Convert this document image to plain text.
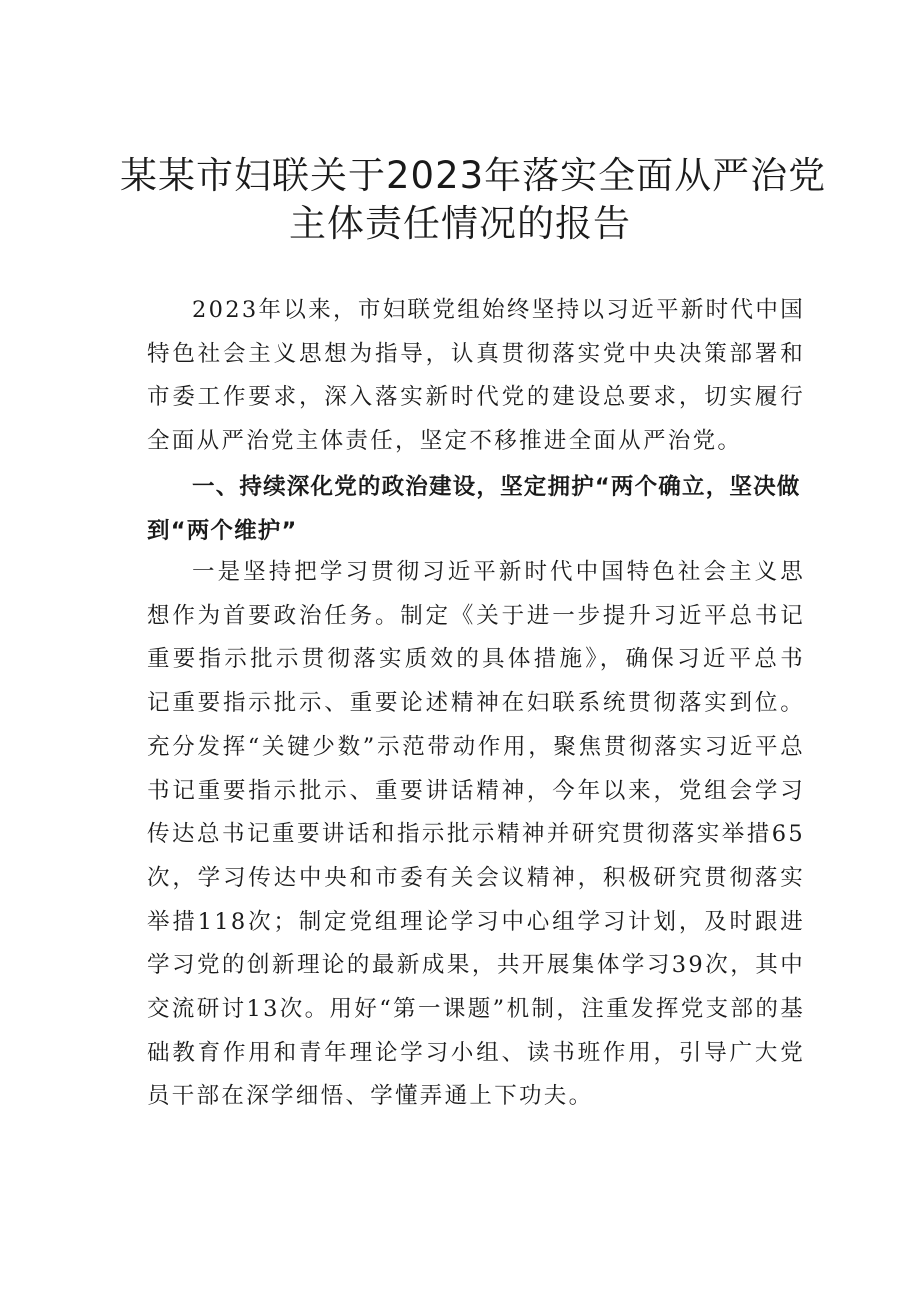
某某市妇联关于2023年落实全面从严治党
主体责任情况的报告

2023年以来，市妇联党组始终坚持以习近平新时代中国特色社会主义思想为指导，认真贯彻落实党中央决策部署和市委工作要求，深入落实新时代党的建设总要求，切实履行全面从严治党主体责任，坚定不移推进全面从严治党。

一、持续深化党的政治建设，坚定拥护“两个确立，坚决做到“两个维护”

一是坚持把学习贯彻习近平新时代中国特色社会主义思想作为首要政治任务。制定《关于进一步提升习近平总书记重要指示批示贯彻落实质效的具体措施》，确保习近平总书记重要指示批示、重要论述精神在妇联系统贯彻落实到位。充分发挥“关键少数”示范带动作用，聚焦贯彻落实习近平总书记重要指示批示、重要讲话精神，今年以来，党组会学习传达总书记重要讲话和指示批示精神并研究贯彻落实举措65次，学习传达中央和市委有关会议精神，积极研究贯彻落实举措118次；制定党组理论学习中心组学习计划，及时跟进学习党的创新理论的最新成果，共开展集体学习39次，其中交流研讨13次。用好“第一课题”机制，注重发挥党支部的基础教育作用和青年理论学习小组、读书班作用，引导广大党员干部在深学细悟、学懂弄通上下功夫。
